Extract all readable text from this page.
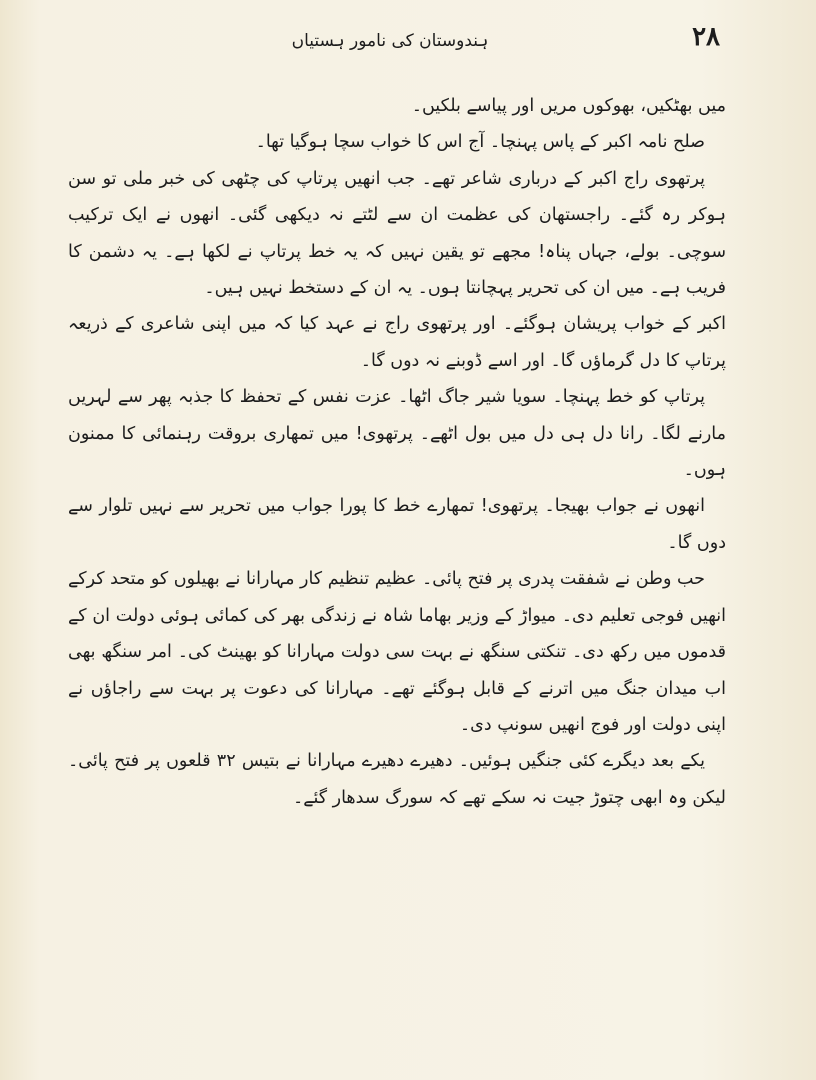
٢٨
ہندوستان کی نامور ہستیاں

میں بھٹکیں، بھوکوں مریں اور پیاسے بلکیں۔

صلح نامہ اکبر کے پاس پہنچا۔ آج اس کا خواب سچا ہوگیا تھا۔

پرتھوی راج اکبر کے درباری شاعر تھے۔ جب انھیں پرتاپ کی چٹھی کی خبر ملی تو سن ہوکر رہ گئے۔ راجستھان کی عظمت ان سے لٹتے نہ دیکھی گئی۔ انھوں نے ایک ترکیب سوچی۔ بولے، جہاں پناہ! مجھے تو یقین نہیں کہ یہ خط پرتاپ نے لکھا ہے۔ یہ دشمن کا فریب ہے۔ میں ان کی تحریر پہچانتا ہوں۔ یہ ان کے دستخط نہیں ہیں۔

اکبر کے خواب پریشان ہوگئے۔ اور پرتھوی راج نے عہد کیا کہ میں اپنی شاعری کے ذریعہ پرتاپ کا دل گرماؤں گا۔ اور اسے ڈوبنے نہ دوں گا۔

پرتاپ کو خط پہنچا۔ سویا شیر جاگ اٹھا۔ عزت نفس کے تحفظ کا جذبہ پھر سے لہریں مارنے لگا۔ رانا دل ہی دل میں بول اٹھے۔ پرتھوی! میں تمھاری بروقت رہنمائی کا ممنون ہوں۔

انھوں نے جواب بھیجا۔ پرتھوی! تمھارے خط کا پورا جواب میں تحریر سے نہیں تلوار سے دوں گا۔

حب وطن نے شفقت پدری پر فتح پائی۔ عظیم تنظیم کار مہارانا نے بھیلوں کو متحد کرکے انھیں فوجی تعلیم دی۔ میواڑ کے وزیر بھاما شاہ نے زندگی بھر کی کمائی ہوئی دولت ان کے قدموں میں رکھ دی۔ تنکتی سنگھ نے بہت سی دولت مہارانا کو بھینٹ کی۔ امر سنگھ بھی اب میدان جنگ میں اترنے کے قابل ہوگئے تھے۔ مہارانا کی دعوت پر بہت سے راجاؤں نے اپنی دولت اور فوج انھیں سونپ دی۔

یکے بعد دیگرے کئی جنگیں ہوئیں۔ دھیرے دھیرے مہارانا نے بتیس ٣٢ قلعوں پر فتح پائی۔ لیکن وہ ابھی چتوڑ جیت نہ سکے تھے کہ سورگ سدھار گئے۔
